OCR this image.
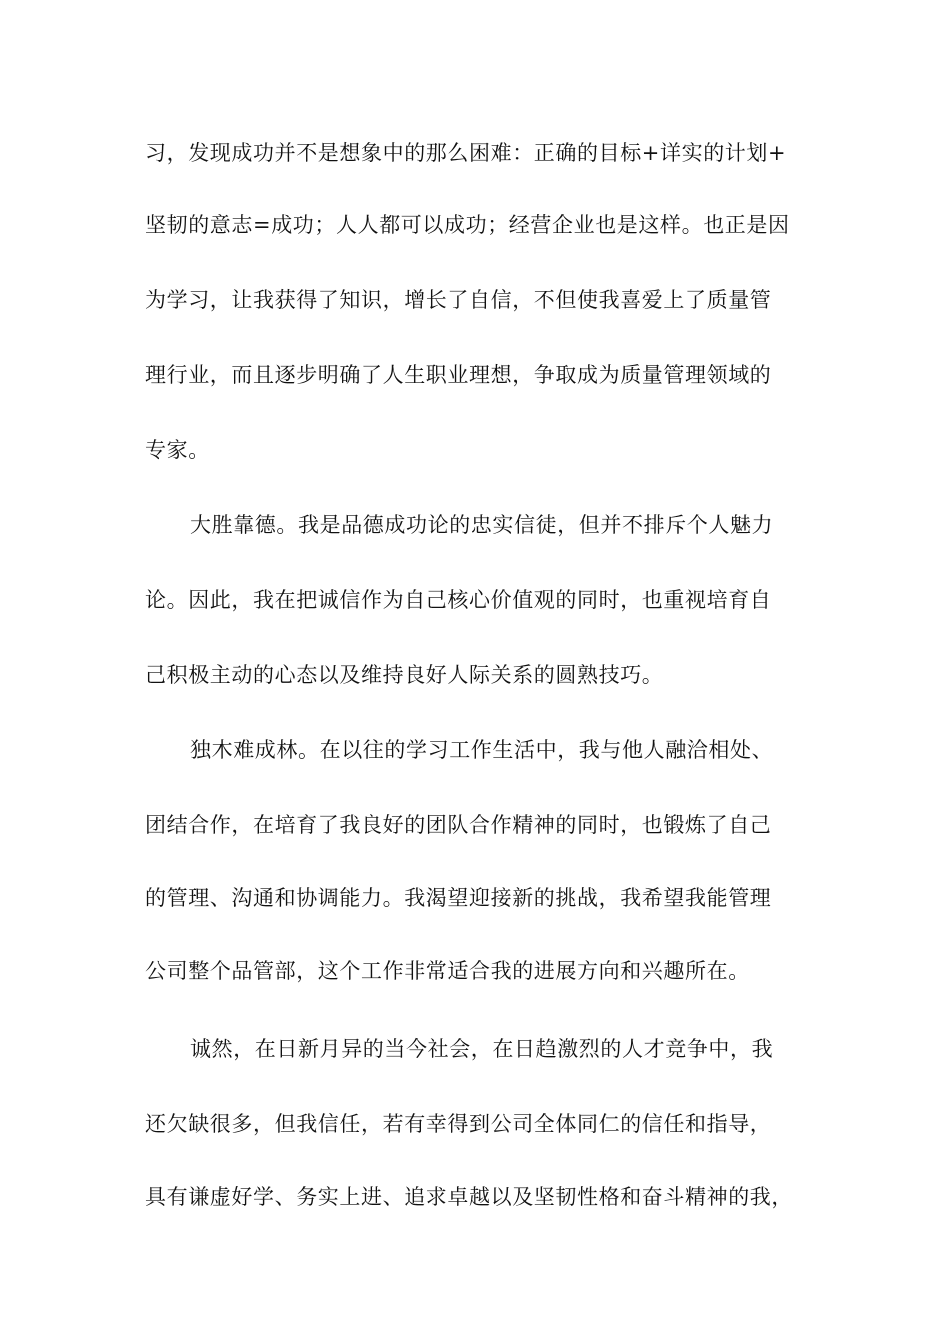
习，发现成功并不是想象中的那么困难：正确的目标+详实的计划+

坚韧的意志=成功；人人都可以成功；经营企业也是这样。也正是因

为学习，让我获得了知识，增长了自信，不但使我喜爱上了质量管

理行业，而且逐步明确了人生职业理想，争取成为质量管理领域的

专家。

大胜靠德。我是品德成功论的忠实信徒，但并不排斥个人魅力

论。因此，我在把诚信作为自己核心价值观的同时，也重视培育自

己积极主动的心态以及维持良好人际关系的圆熟技巧。

独木难成林。在以往的学习工作生活中，我与他人融洽相处、

团结合作，在培育了我良好的团队合作精神的同时，也锻炼了自己

的管理、沟通和协调能力。我渴望迎接新的挑战，我希望我能管理

公司整个品管部，这个工作非常适合我的进展方向和兴趣所在。

诚然，在日新月异的当今社会，在日趋激烈的人才竞争中，我

还欠缺很多，但我信任，若有幸得到公司全体同仁的信任和指导，

具有谦虚好学、务实上进、追求卓越以及坚韧性格和奋斗精神的我，
